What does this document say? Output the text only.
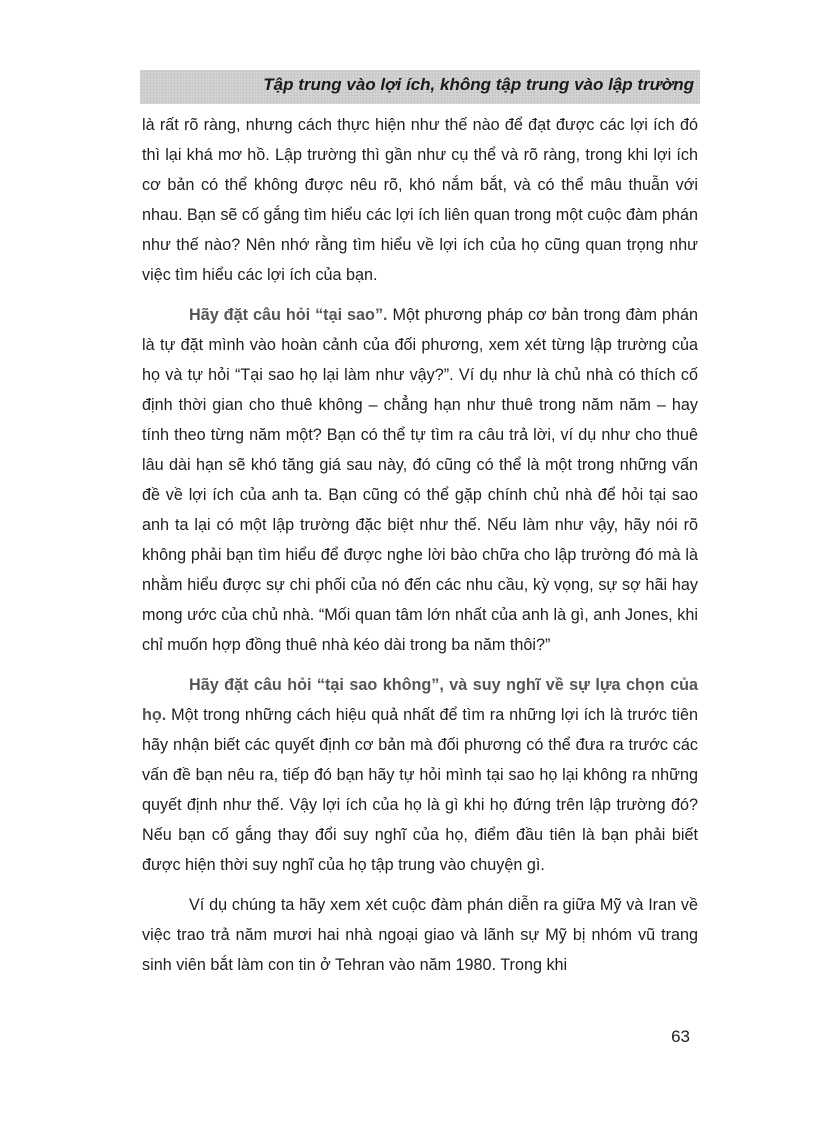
Tập trung vào lợi ích, không tập trung vào lập trường

là rất rõ ràng, nhưng cách thực hiện như thế nào để đạt được các lợi ích đó thì lại khá mơ hồ. Lập trường thì gần như cụ thể và rõ ràng, trong khi lợi ích cơ bản có thể không được nêu rõ, khó nắm bắt, và có thể mâu thuẫn với nhau. Bạn sẽ cố gắng tìm hiểu các lợi ích liên quan trong một cuộc đàm phán như thế nào? Nên nhớ rằng tìm hiểu về lợi ích của họ cũng quan trọng như việc tìm hiểu các lợi ích của bạn.

Hãy đặt câu hỏi “tại sao”. Một phương pháp cơ bản trong đàm phán là tự đặt mình vào hoàn cảnh của đối phương, xem xét từng lập trường của họ và tự hỏi “Tại sao họ lại làm như vậy?”. Ví dụ như là chủ nhà có thích cố định thời gian cho thuê không – chẳng hạn như thuê trong năm năm – hay tính theo từng năm một? Bạn có thể tự tìm ra câu trả lời, ví dụ như cho thuê lâu dài hạn sẽ khó tăng giá sau này, đó cũng có thể là một trong những vấn đề về lợi ích của anh ta. Bạn cũng có thể gặp chính chủ nhà để hỏi tại sao anh ta lại có một lập trường đặc biệt như thế. Nếu làm như vậy, hãy nói rõ không phải bạn tìm hiểu để được nghe lời bào chữa cho lập trường đó mà là nhằm hiểu được sự chi phối của nó đến các nhu cầu, kỳ vọng, sự sợ hãi hay mong ước của chủ nhà. “Mối quan tâm lớn nhất của anh là gì, anh Jones, khi chỉ muốn hợp đồng thuê nhà kéo dài trong ba năm thôi?”

Hãy đặt câu hỏi “tại sao không”, và suy nghĩ về sự lựa chọn của họ. Một trong những cách hiệu quả nhất để tìm ra những lợi ích là trước tiên hãy nhận biết các quyết định cơ bản mà đối phương có thể đưa ra trước các vấn đề bạn nêu ra, tiếp đó bạn hãy tự hỏi mình tại sao họ lại không ra những quyết định như thế. Vậy lợi ích của họ là gì khi họ đứng trên lập trường đó? Nếu bạn cố gắng thay đổi suy nghĩ của họ, điểm đầu tiên là bạn phải biết được hiện thời suy nghĩ của họ tập trung vào chuyện gì.

Ví dụ chúng ta hãy xem xét cuộc đàm phán diễn ra giữa Mỹ và Iran về việc trao trả năm mươi hai nhà ngoại giao và lãnh sự Mỹ bị nhóm vũ trang sinh viên bắt làm con tin ở Tehran vào năm 1980. Trong khi

63
